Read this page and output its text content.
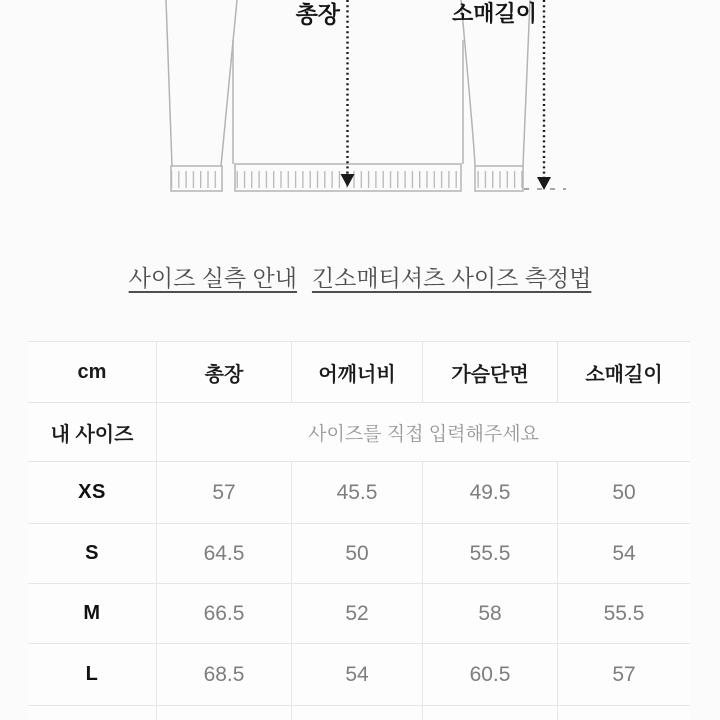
총장	소매길이
사이즈 실측 안내 긴소매티셔츠 사이즈 측정법
cm	총장	어깨너비	가슴단면	소매길이
내 사이즈	사이즈를 직접 입력해주세요
XS	57	45.5	49.5	50
S	64.5	50	55.5	54
M	66.5	52	58	55.5
L	68.5	54	60.5	57
